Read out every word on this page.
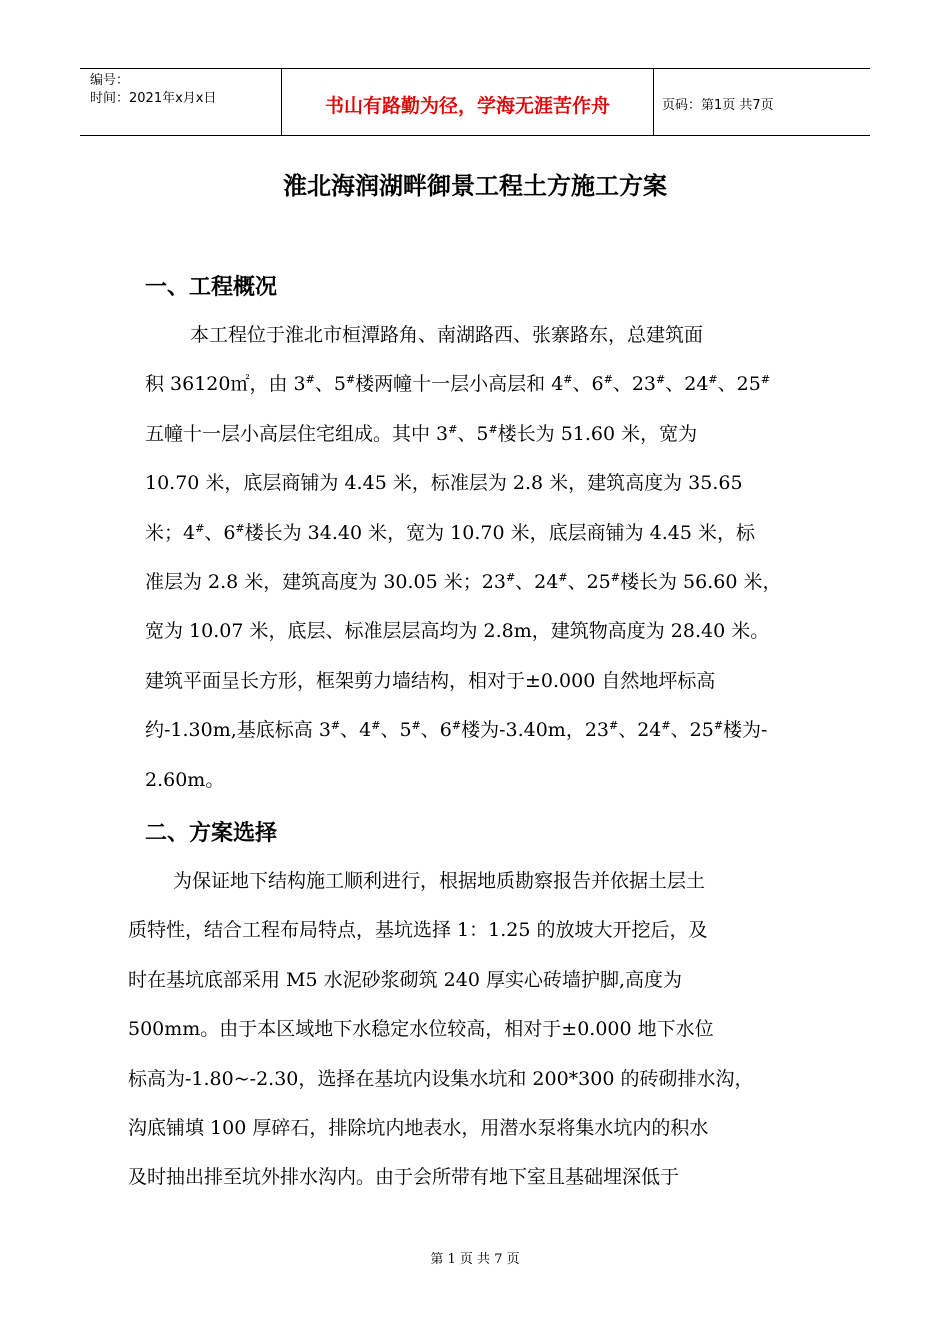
编号：
时间：2021年x月x日	书山有路勤为径，学海无涯苦作舟	页码：第1页 共7页
淮北海润湖畔御景工程土方施工方案
一、工程概况
本工程位于淮北市桓潭路角、南湖路西、张寨路东，总建筑面
积 36120㎡，由 3#、5#楼两幢十一层小高层和 4#、6#、23#、24#、25#
五幢十一层小高层住宅组成。其中 3#、5#楼长为 51.60 米，宽为
10.70 米，底层商铺为 4.45 米，标准层为 2.8 米，建筑高度为 35.65
米；4#、6#楼长为 34.40 米，宽为 10.70 米，底层商铺为 4.45 米，标
准层为 2.8 米，建筑高度为 30.05 米；23#、24#、25#楼长为 56.60 米，
宽为 10.07 米，底层、标准层层高均为 2.8m，建筑物高度为 28.40 米。
建筑平面呈长方形，框架剪力墙结构，相对于±0.000 自然地坪标高
约-1.30m,基底标高 3#、4#、5#、6#楼为-3.40m，23#、24#、25#楼为-
2.60m。
二、方案选择
为保证地下结构施工顺利进行，根据地质勘察报告并依据土层土
质特性，结合工程布局特点，基坑选择 1：1.25 的放坡大开挖后，及
时在基坑底部采用 M5 水泥砂浆砌筑 240 厚实心砖墙护脚,高度为
500mm。由于本区域地下水稳定水位较高，相对于±0.000 地下水位
标高为-1.80~-2.30，选择在基坑内设集水坑和 200*300 的砖砌排水沟，
沟底铺填 100 厚碎石，排除坑内地表水，用潜水泵将集水坑内的积水
及时抽出排至坑外排水沟内。由于会所带有地下室且基础埋深低于
第 1 页 共 7 页
